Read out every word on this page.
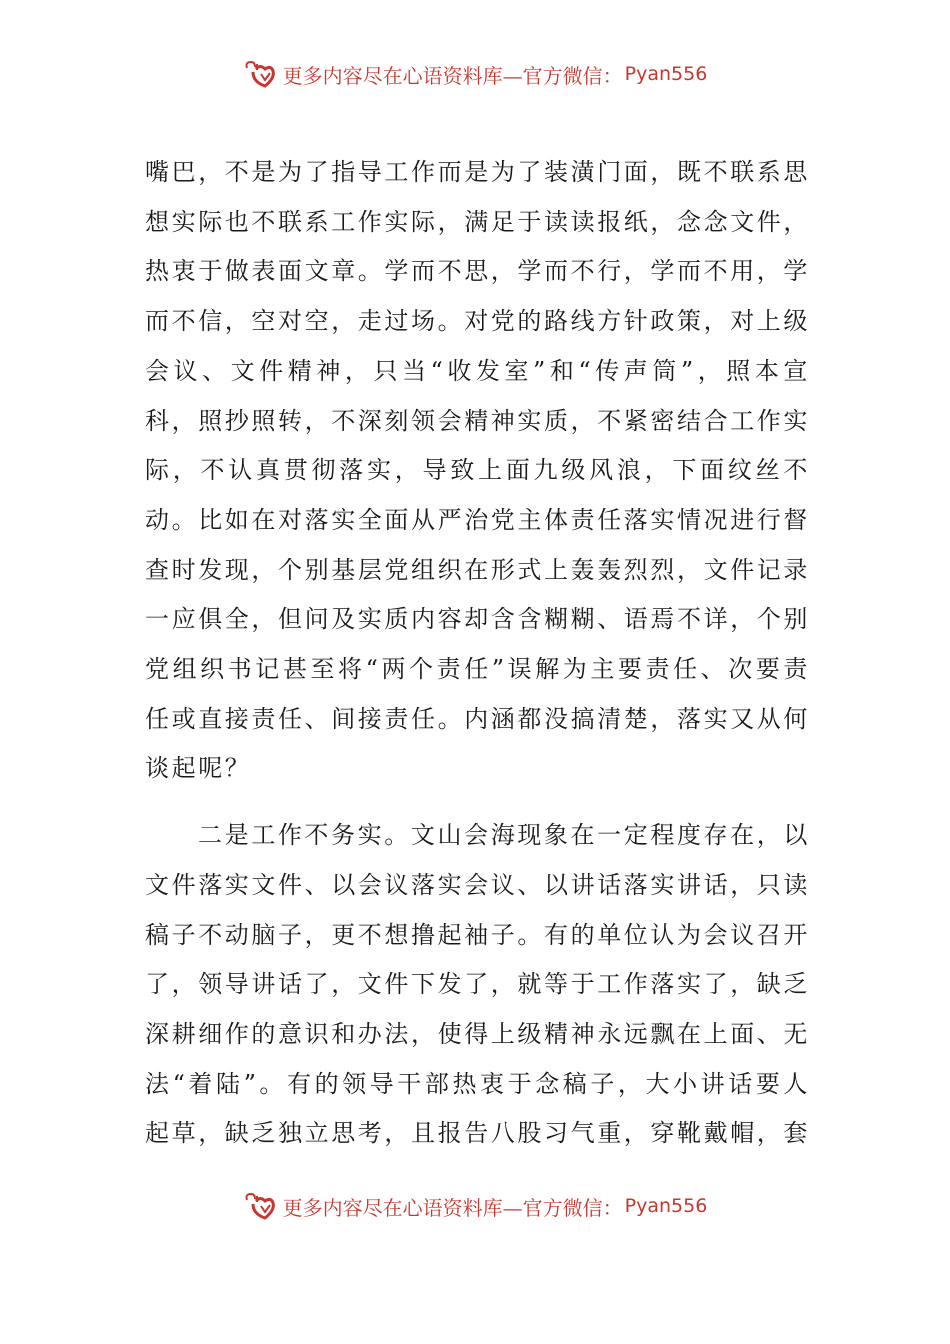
更多内容尽在心语资料库—官方微信： Pyan556

嘴巴，不是为了指导工作而是为了装潢门面，既不联系思想实际也不联系工作实际，满足于读读报纸，念念文件，热衷于做表面文章。学而不思，学而不行，学而不用，学而不信，空对空，走过场。对党的路线方针政策，对上级会议、文件精神，只当“收发室”和“传声筒”，照本宣科，照抄照转，不深刻领会精神实质，不紧密结合工作实际，不认真贯彻落实，导致上面九级风浪，下面纹丝不动。比如在对落实全面从严治党主体责任落实情况进行督查时发现，个别基层党组织在形式上轰轰烈烈，文件记录一应俱全，但问及实质内容却含含糊糊、语焉不详，个别党组织书记甚至将“两个责任”误解为主要责任、次要责任或直接责任、间接责任。内涵都没搞清楚，落实又从何谈起呢？

二是工作不务实。文山会海现象在一定程度存在，以文件落实文件、以会议落实会议、以讲话落实讲话，只读稿子不动脑子，更不想撸起袖子。有的单位认为会议召开了，领导讲话了，文件下发了，就等于工作落实了，缺乏深耕细作的意识和办法，使得上级精神永远飘在上面、无法“着陆”。有的领导干部热衷于念稿子，大小讲话要人起草，缺乏独立思考，且报告八股习气重，穿靴戴帽，套

更多内容尽在心语资料库—官方微信： Pyan556
